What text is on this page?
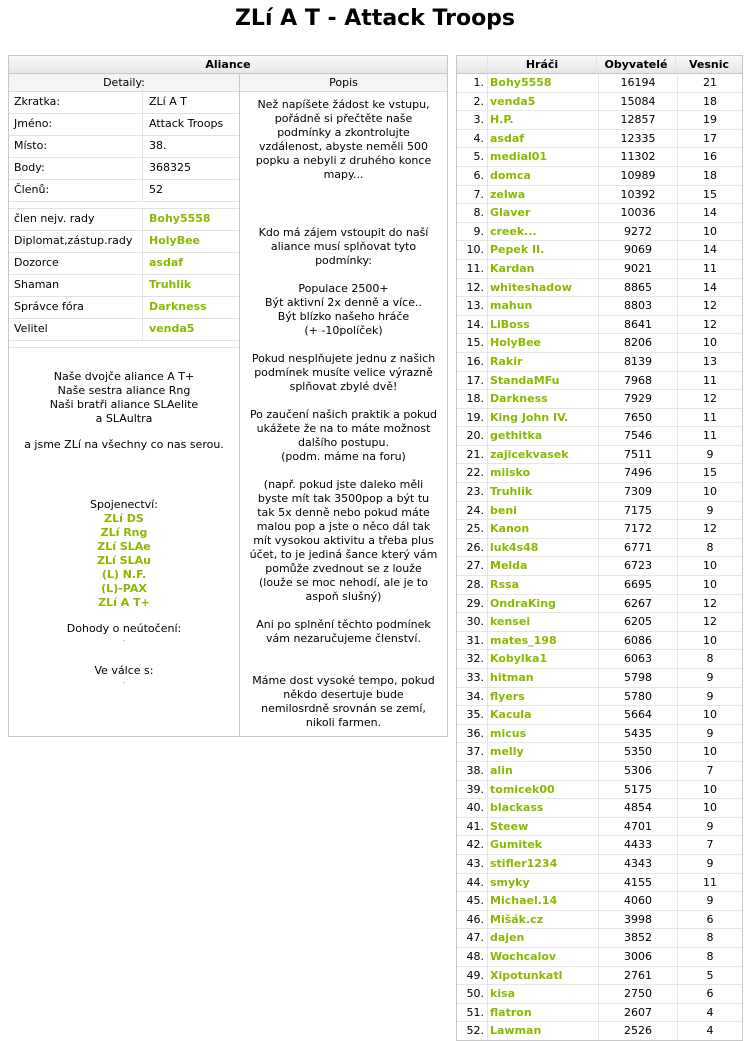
ZLí A T - Attack Troops
Aliance
Detaily:
Zkratka:	ZLí A T
Jméno:	Attack Troops
Místo:	38.
Body:	368325
Členů:	52
člen nejv. rady	Bohy5558
Diplomat,zástup.rady	HolyBee
Dozorce	asdaf
Shaman	Truhlik
Správce fóra	Darkness
Velitel	venda5

Naše dvojče aliance A T+

Naše sestra aliance Rng

Naši bratři aliance SLAelite

a SLAultra

a jsme ZLí na všechny co nas serou.

Spojenectví:

ZLí DS

ZLí Rng

ZLí SLAe

ZLí SLAu

(L) N.F.

(L)-PAX

ZLí A T+

Dohody o neútočení:

-

Ve válce s:

-

Popis

Než napíšete žádost ke vstupu, pořádně si přečtěte naše podmínky a zkontrolujte vzdálenost, abyste neměli 500 popku a nebyli z druhého konce mapy...

Kdo má zájem vstoupit do naší aliance musí splňovat tyto podmínky:

Populace 2500+

Být aktivní 2x denně a více..

Být blízko našeho hráče

(+ -10políček)

Pokud nesplňujete jednu z našich podmínek musíte velice výrazně splňovat zbylé dvě!

Po zaučení našich praktik a pokud ukážete že na to máte možnost dalšího postupu.

(podm. máme na foru)

(např. pokud jste daleko měli byste mít tak 3500pop a být tu tak 5x denně nebo pokud máte malou pop a jste o něco dál tak mít vysokou aktivitu a třeba plus účet, to je jediná šance který vám pomůže zvednout se z louže (louže se moc nehodí, ale je to aspoň slušný)

Ani po splnění těchto podmínek vám nezaručujeme členství.

Máme dost vysoké tempo, pokud někdo desertuje bude nemilosrdně srovnán se zemí, nikoli farmen.

Hráči	Obyvatelé	Vesnic
1. Bohy5558	16194	21
2. venda5	15084	18
3. H.P.	12857	19
4. asdaf	12335	17
5. medial01	11302	16
6. domca	10989	18
7. zelwa	10392	15
8. Glaver	10036	14
9. creek...	9272	10
10. Pepek II.	9069	14
11. Kardan	9021	11
12. whiteshadow	8865	14
13. mahun	8803	12
14. LiBoss	8641	12
15. HolyBee	8206	10
16. Rakir	8139	13
17. StandaMFu	7968	11
18. Darkness	7929	12
19. King John IV.	7650	11
20. gethitka	7546	11
21. zajicekvasek	7511	9
22. miisko	7496	15
23. Truhlik	7309	10
24. beni	7175	9
25. Kanon	7172	12
26. luk4s48	6771	8
27. Melda	6723	10
28. Rssa	6695	10
29. OndraKing	6267	12
30. kensei	6205	12
31. mates_198	6086	10
32. Kobylka1	6063	8
33. hitman	5798	9
34. flyers	5780	9
35. Kacula	5664	10
36. micus	5435	9
37. melly	5350	10
38. alin	5306	7
39. tomicek00	5175	10
40. blackass	4854	10
41. Steew	4701	9
42. Gumitek	4433	7
43. stifler1234	4343	9
44. smyky	4155	11
45. Michael.14	4060	9
46. Mišák.cz	3998	6
47. dajen	3852	8
48. Wochcalov	3006	8
49. Xipotunkatl	2761	5
50. kisa	2750	6
51. flatron	2607	4
52. Lawman	2526	4
